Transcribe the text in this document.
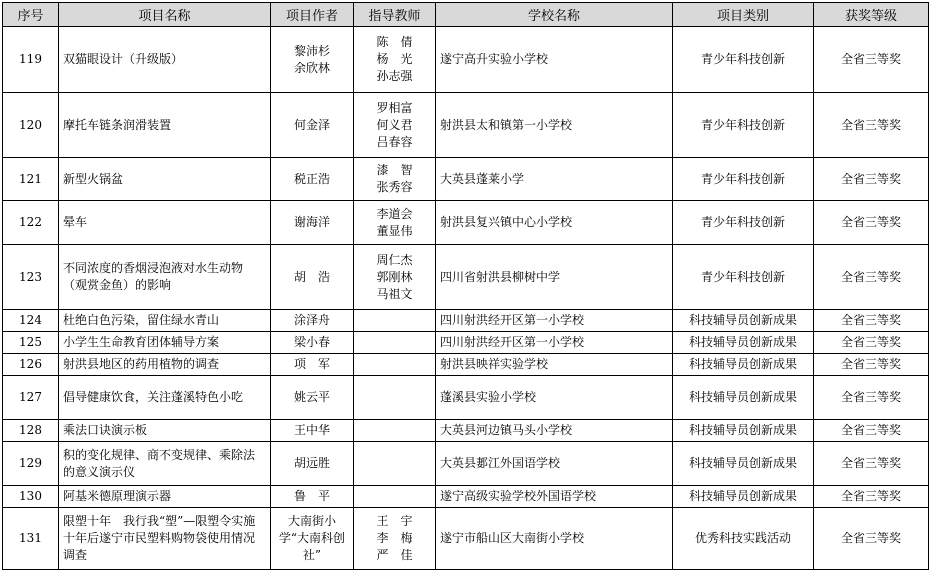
序号	项目名称	项目作者	指导教师	学校名称	项目类别	获奖等级
119	双猫眼设计（升级版）	黎沛杉
余欣林	陈　倩
杨　光
孙志强	遂宁高升实验小学校	青少年科技创新	全省三等奖
120	摩托车链条润滑装置	何金泽	罗相富
何义君
吕春容	射洪县太和镇第一小学校	青少年科技创新	全省三等奖
121	新型火锅盆	税正浩	漆　智
张秀容	大英县蓬莱小学	青少年科技创新	全省三等奖
122	晕车	谢海洋	李道会
董显伟	射洪县复兴镇中心小学校	青少年科技创新	全省三等奖
123	不同浓度的香烟浸泡液对水生动物（观赏金鱼）的影响	胡　浩	周仁杰
郭刚林
马祖文	四川省射洪县柳树中学	青少年科技创新	全省三等奖
124	杜绝白色污染，留住绿水青山	涂泽舟		四川射洪经开区第一小学校	科技辅导员创新成果	全省三等奖
125	小学生生命教育团体辅导方案	梁小春		四川射洪经开区第一小学校	科技辅导员创新成果	全省三等奖
126	射洪县地区的药用植物的调查	项　军		射洪县映祥实验学校	科技辅导员创新成果	全省三等奖
127	倡导健康饮食，关注蓬溪特色小吃	姚云平		蓬溪县实验小学校	科技辅导员创新成果	全省三等奖
128	乘法口诀演示板	王中华		大英县河边镇马头小学校	科技辅导员创新成果	全省三等奖
129	积的变化规律、商不变规律、乘除法的意义演示仪	胡远胜		大英县郪江外国语学校	科技辅导员创新成果	全省三等奖
130	阿基米德原理演示器	鲁　平		遂宁高级实验学校外国语学校	科技辅导员创新成果	全省三等奖
131	限塑十年　我行我“塑”—限塑令实施十年后遂宁市民塑料购物袋使用情况调查	大南街小学“大南科创社”	王　宇
李　梅
严　佳	遂宁市船山区大南街小学校	优秀科技实践活动	全省三等奖
